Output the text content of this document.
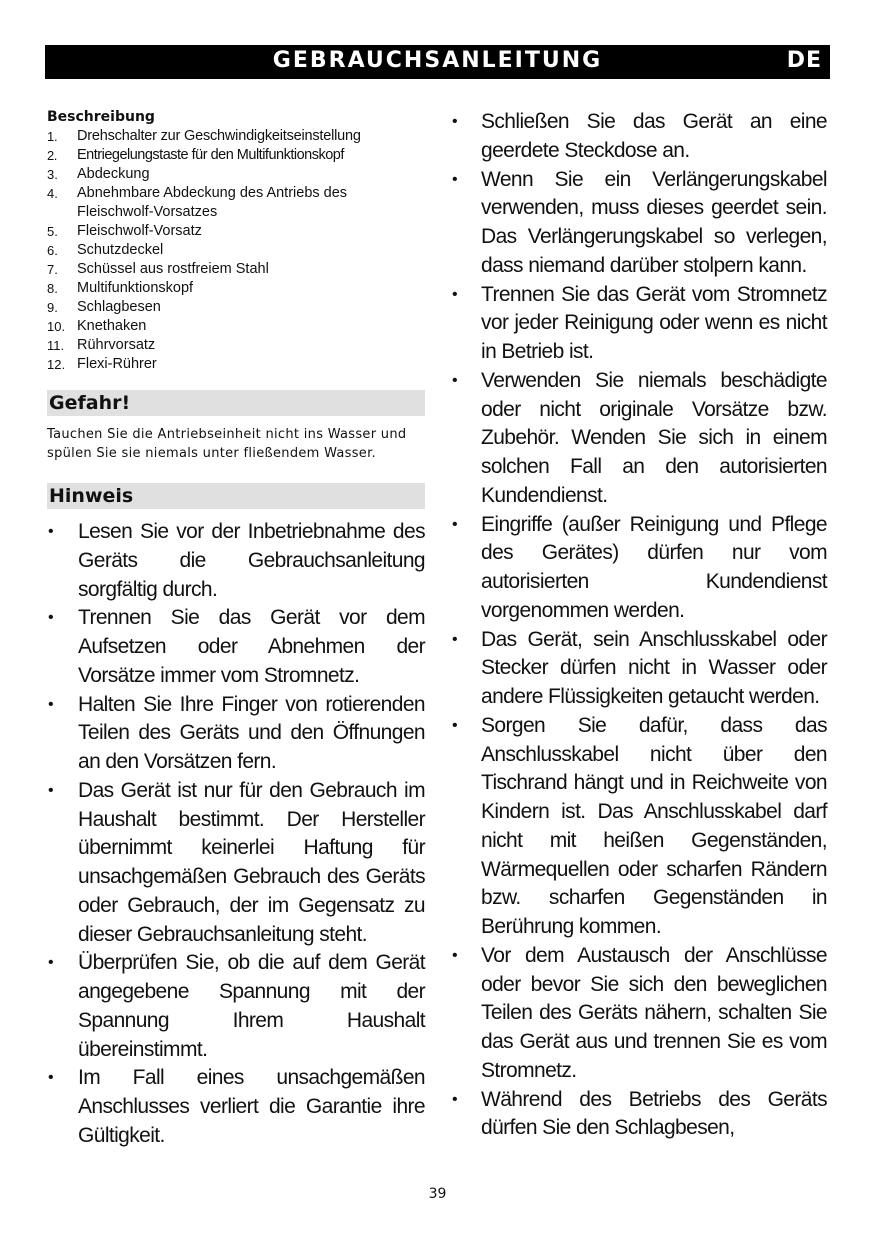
GEBRAUCHSANLEITUNG	DE
Beschreibung
1. Drehschalter zur Geschwindigkeitseinstellung
2. Entriegelungstaste für den Multifunktionskopf
3. Abdeckung
4. Abnehmbare Abdeckung des Antriebs des Fleischwolf-Vorsatzes
5. Fleischwolf-Vorsatz
6. Schutzdeckel
7. Schüssel aus rostfreiem Stahl
8. Multifunktionskopf
9. Schlagbesen
10. Knethaken
11. Rührvorsatz
12. Flexi-Rührer
Gefahr!

Tauchen Sie die Antriebseinheit nicht ins Wasser und spülen Sie sie niemals unter fließendem Wasser.

Hinweis
• Lesen Sie vor der Inbetriebnahme des Geräts die Gebrauchsanleitung sorgfältig durch.
• Trennen Sie das Gerät vor dem Aufsetzen oder Abnehmen der Vorsätze immer vom Stromnetz.
• Halten Sie Ihre Finger von rotierenden Teilen des Geräts und den Öffnungen an den Vorsätzen fern.
• Das Gerät ist nur für den Gebrauch im Haushalt bestimmt. Der Hersteller übernimmt keinerlei Haftung für unsachgemäßen Gebrauch des Geräts oder Gebrauch, der im Gegensatz zu dieser Gebrauchsanleitung steht.
• Überprüfen Sie, ob die auf dem Gerät angegebene Spannung mit der Spannung Ihrem Haushalt übereinstimmt.
• Im Fall eines unsachgemäßen Anschlusses verliert die Garantie ihre Gültigkeit.
• Schließen Sie das Gerät an eine geerdete Steckdose an.
• Wenn Sie ein Verlängerungskabel verwenden, muss dieses geerdet sein. Das Verlängerungskabel so verlegen, dass niemand darüber stolpern kann.
• Trennen Sie das Gerät vom Stromnetz vor jeder Reinigung oder wenn es nicht in Betrieb ist.
• Verwenden Sie niemals beschädigte oder nicht originale Vorsätze bzw. Zubehör. Wenden Sie sich in einem solchen Fall an den autorisierten Kundendienst.
• Eingriffe (außer Reinigung und Pflege des Gerätes) dürfen nur vom autorisierten Kundendienst vorgenommen werden.
• Das Gerät, sein Anschlusskabel oder Stecker dürfen nicht in Wasser oder andere Flüssigkeiten getaucht werden.
• Sorgen Sie dafür, dass das Anschlusskabel nicht über den Tischrand hängt und in Reichweite von Kindern ist. Das Anschlusskabel darf nicht mit heißen Gegenständen, Wärmequellen oder scharfen Rändern bzw. scharfen Gegenständen in Berührung kommen.
• Vor dem Austausch der Anschlüsse oder bevor Sie sich den beweglichen Teilen des Geräts nähern, schalten Sie das Gerät aus und trennen Sie es vom Stromnetz.
• Während des Betriebs des Geräts dürfen Sie den Schlagbesen,
39
